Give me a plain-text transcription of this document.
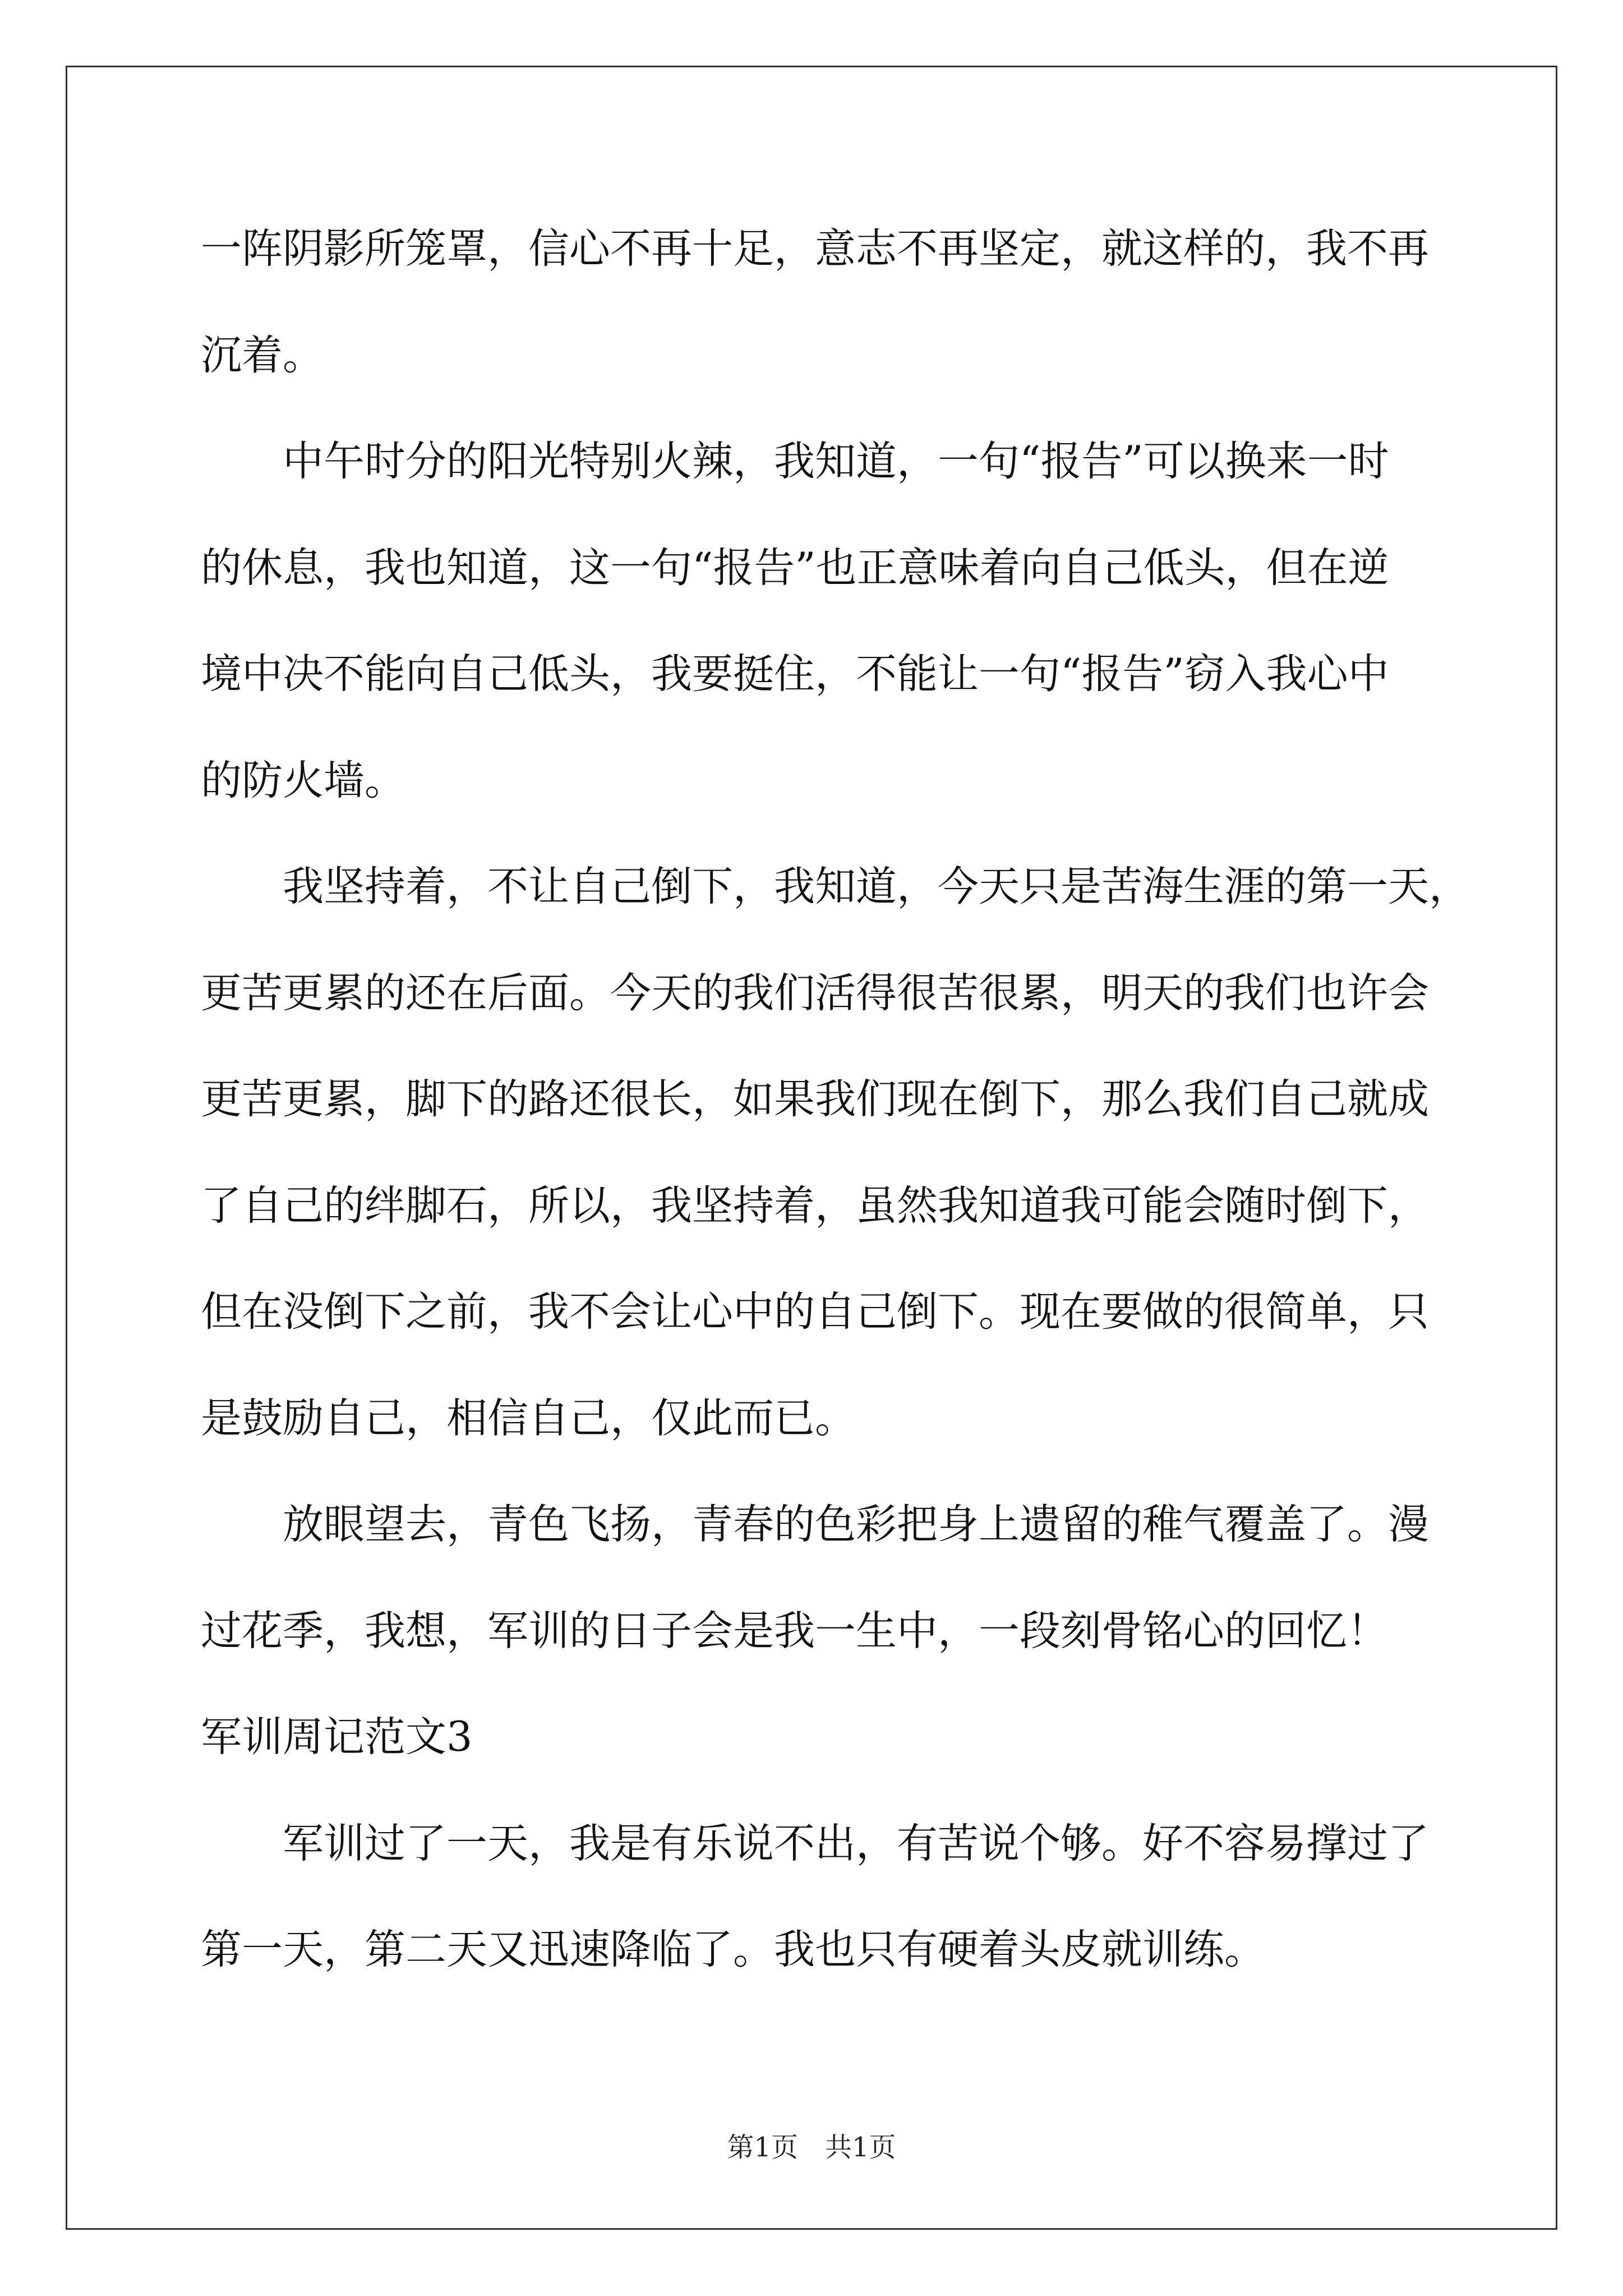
一阵阴影所笼罩，信心不再十足，意志不再坚定，就这样的，我不再
沉着。
中午时分的阳光特别火辣，我知道，一句“报告”可以换来一时
的休息，我也知道，这一句“报告”也正意味着向自己低头，但在逆
境中决不能向自己低头，我要挺住，不能让一句“报告”窃入我心中
的防火墙。
我坚持着，不让自己倒下，我知道，今天只是苦海生涯的第一天，
更苦更累的还在后面。今天的我们活得很苦很累，明天的我们也许会
更苦更累，脚下的路还很长，如果我们现在倒下，那么我们自己就成
了自己的绊脚石，所以，我坚持着，虽然我知道我可能会随时倒下，
但在没倒下之前，我不会让心中的自己倒下。现在要做的很简单，只
是鼓励自己，相信自己，仅此而已。
放眼望去，青色飞扬，青春的色彩把身上遗留的稚气覆盖了。漫
过花季，我想，军训的日子会是我一生中，一段刻骨铭心的回忆！
军训周记范文3
军训过了一天，我是有乐说不出，有苦说个够。好不容易撑过了
第一天，第二天又迅速降临了。我也只有硬着头皮就训练。
第1页　共1页
